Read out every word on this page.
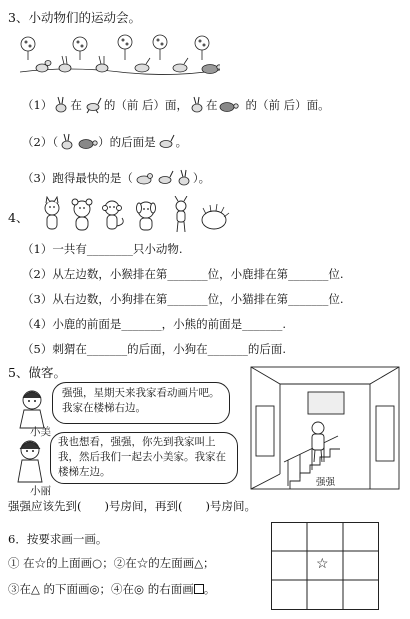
3、小动物们的运动会。
（1） 在 的（前 后）面， 在 的（前 后）面。
（2）（	）的后面是 。
（3）跑得最快的是（	）。
4、
（1）一共有________只小动物.
（2）从左边数，小猴排在第_______位，小鹿排在第_______位.
（3）从右边数，小狗排在第_______位，小猫排在第_______位.
（4）小鹿的前面是_______，小熊的前面是_______.
（5）刺猬在_______的后面，小狗在_______的后面.
5、做客。
小美
强强，星期天来我家看动画片吧。我家在楼梯右边。
小丽
我也想看，强强，你先到我家叫上我，然后我们一起去小美家。我家在楼梯左边。
强强
强强应该先到(　　)号房间，再到(　　)号房间。
6．按要求画一画。
① 在☆的上面画○；②在☆的左面画△；
③在△ 的下面画◎；④在◎ 的右面画 。
☆
